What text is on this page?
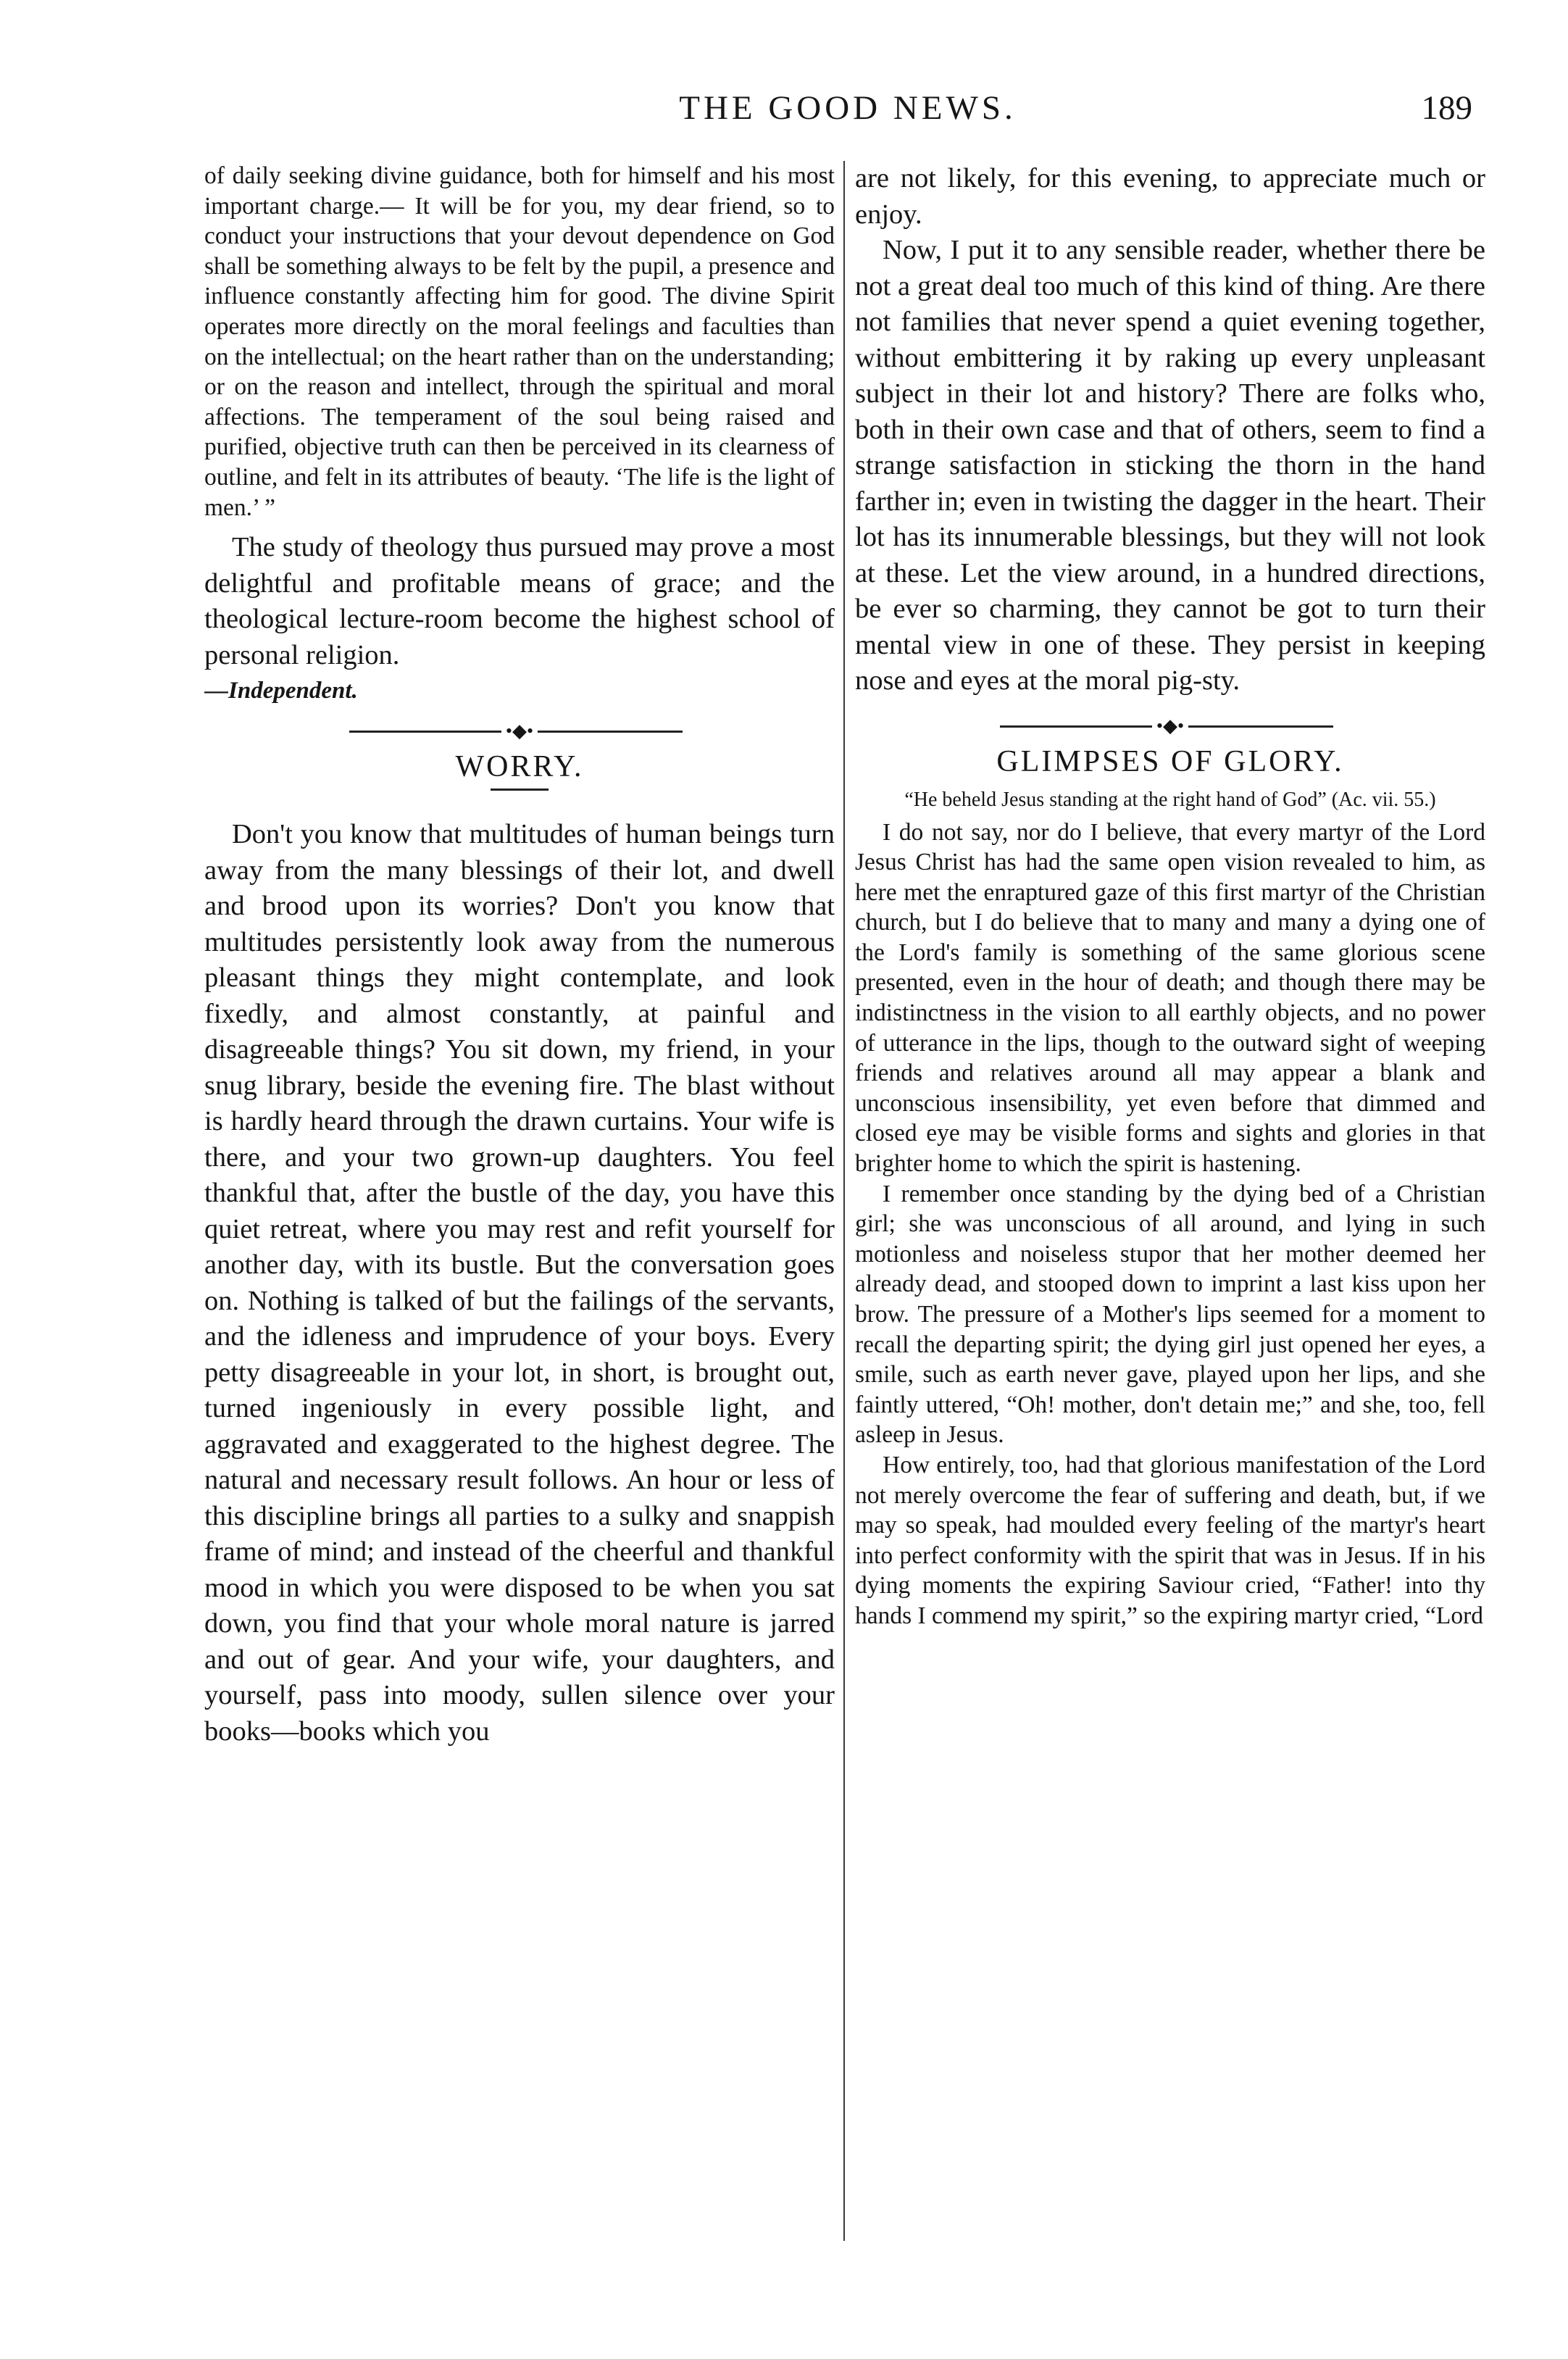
THE GOOD NEWS.	189

of daily seeking divine guidance, both for himself and his most important charge.— It will be for you, my dear friend, so to conduct your instructions that your devout dependence on God shall be something always to be felt by the pupil, a presence and influence constantly affecting him for good. The divine Spirit operates more directly on the moral feelings and faculties than on the intellectual; on the heart rather than on the understanding; or on the reason and intellect, through the spiritual and moral affections. The temperament of the soul being raised and purified, objective truth can then be perceived in its clearness of outline, and felt in its attributes of beauty. ‘The life is the light of men.’ ”

The study of theology thus pursued may prove a most delightful and profitable means of grace; and the theological lecture-room become the highest school of personal religion.

—Independent.
•◆•
WORRY.

Don't you know that multitudes of human beings turn away from the many blessings of their lot, and dwell and brood upon its worries? Don't you know that multitudes persistently look away from the numerous pleasant things they might contemplate, and look fixedly, and almost constantly, at painful and disagreeable things? You sit down, my friend, in your snug library, beside the evening fire. The blast without is hardly heard through the drawn curtains. Your wife is there, and your two grown-up daughters. You feel thankful that, after the bustle of the day, you have this quiet retreat, where you may rest and refit yourself for another day, with its bustle. But the conversation goes on. Nothing is talked of but the failings of the servants, and the idleness and imprudence of your boys. Every petty disagreeable in your lot, in short, is brought out, turned ingeniously in every possible light, and aggravated and exaggerated to the highest degree. The natural and necessary result follows. An hour or less of this discipline brings all parties to a sulky and snappish frame of mind; and instead of the cheerful and thankful mood in which you were disposed to be when you sat down, you find that your whole moral nature is jarred and out of gear. And your wife, your daughters, and yourself, pass into moody, sullen silence over your books—books which you

are not likely, for this evening, to appreciate much or enjoy.

Now, I put it to any sensible reader, whether there be not a great deal too much of this kind of thing. Are there not families that never spend a quiet evening together, without embittering it by raking up every unpleasant subject in their lot and history? There are folks who, both in their own case and that of others, seem to find a strange satisfaction in sticking the thorn in the hand farther in; even in twisting the dagger in the heart. Their lot has its innumerable blessings, but they will not look at these. Let the view around, in a hundred directions, be ever so charming, they cannot be got to turn their mental view in one of these. They persist in keeping nose and eyes at the moral pig-sty.

•◆•
GLIMPSES OF GLORY.
“He beheld Jesus standing at the right hand of God” (Ac. vii. 55.)

I do not say, nor do I believe, that every martyr of the Lord Jesus Christ has had the same open vision revealed to him, as here met the enraptured gaze of this first martyr of the Christian church, but I do believe that to many and many a dying one of the Lord's family is something of the same glorious scene presented, even in the hour of death; and though there may be indistinctness in the vision to all earthly objects, and no power of utterance in the lips, though to the outward sight of weeping friends and relatives around all may appear a blank and unconscious insensibility, yet even before that dimmed and closed eye may be visible forms and sights and glories in that brighter home to which the spirit is hastening.

I remember once standing by the dying bed of a Christian girl; she was unconscious of all around, and lying in such motionless and noiseless stupor that her mother deemed her already dead, and stooped down to imprint a last kiss upon her brow. The pressure of a Mother's lips seemed for a moment to recall the departing spirit; the dying girl just opened her eyes, a smile, such as earth never gave, played upon her lips, and she faintly uttered, “Oh! mother, don't detain me;” and she, too, fell asleep in Jesus.

How entirely, too, had that glorious manifestation of the Lord not merely overcome the fear of suffering and death, but, if we may so speak, had moulded every feeling of the martyr's heart into perfect conformity with the spirit that was in Jesus. If in his dying moments the expiring Saviour cried, “Father! into thy hands I commend my spirit,” so the expiring martyr cried, “Lord
